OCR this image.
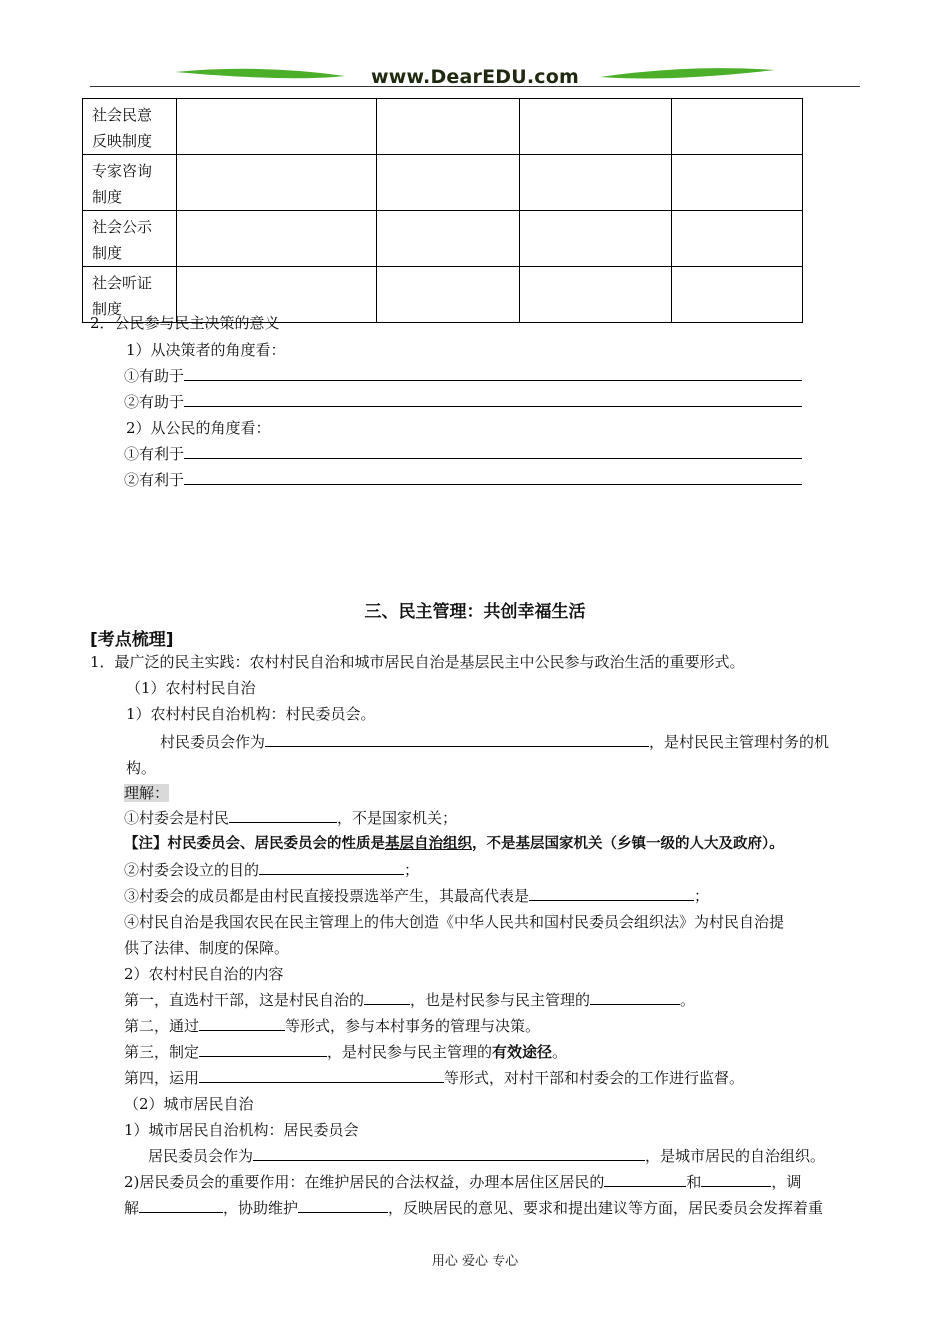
www.DearEDU.com
社会民意
反映制度				

专家咨询
制度				

社会公示
制度				

社会听证
制度				

2．公民参与民主决策的意义
1）从决策者的角度看：
①有助于
②有助于
2）从公民的角度看：
①有利于
②有利于
三、民主管理：共创幸福生活
[考点梳理]
1．最广泛的民主实践：农村村民自治和城市居民自治是基层民主中公民参与政治生活的重要形式。
（1）农村村民自治
1）农村村民自治机构：村民委员会。
村民委员会作为	，是村民民主管理村务的机
构。
理解：
①村委会是村民	，不是国家机关；
【注】村民委员会、居民委员会的性质是基层自治组织，不是基层国家机关（乡镇一级的人大及政府）。
②村委会设立的目的	；
③村委会的成员都是由村民直接投票选举产生，其最高代表是	；
④村民自治是我国农民在民主管理上的伟大创造《中华人民共和国村民委员会组织法》为村民自治提
供了法律、制度的保障。
2）农村村民自治的内容
第一，直选村干部，这是村民自治的	，也是村民参与民主管理的	。
第二，通过	等形式，参与本村事务的管理与决策。
第三，制定	，是村民参与民主管理的有效途径。
第四，运用	等形式，对村干部和村委会的工作进行监督。
（2）城市居民自治
1）城市居民自治机构：居民委员会
居民委员会作为	，是城市居民的自治组织。
2)居民委员会的重要作用：在维护居民的合法权益，办理本居住区居民的	和	，调
解	，协助维护	，反映居民的意见、要求和提出建议等方面，居民委员会发挥着重
用心 爱心 专心
